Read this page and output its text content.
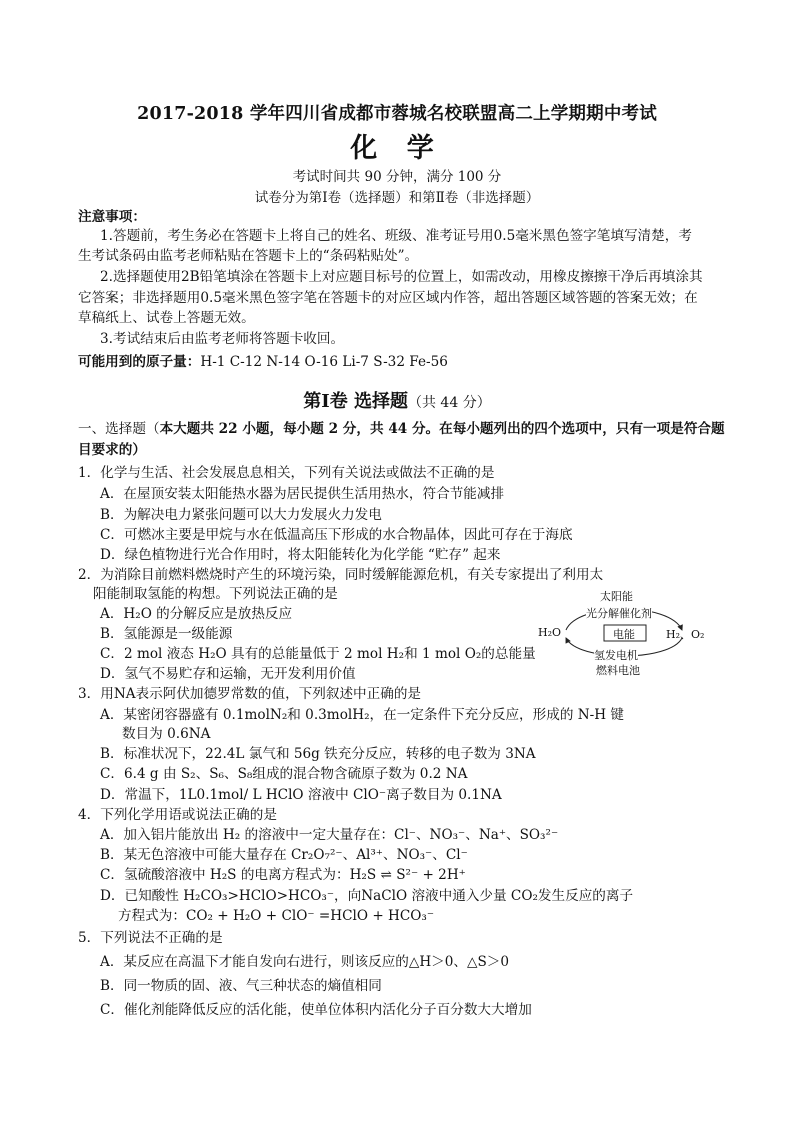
2017-2018 学年四川省成都市蓉城名校联盟高二上学期期中考试
化 学
考试时间共 90 分钟，满分 100 分
试卷分为第Ⅰ卷（选择题）和第Ⅱ卷（非选择题）
注意事项：
1.答题前，考生务必在答题卡上将自己的姓名、班级、准考证号用0.5毫米黑色签字笔填写清楚，考
生考试条码由监考老师粘贴在答题卡上的“条码粘贴处”。
2.选择题使用2B铅笔填涂在答题卡上对应题目标号的位置上，如需改动，用橡皮擦擦干净后再填涂其
它答案；非选择题用0.5毫米黑色签字笔在答题卡的对应区域内作答，超出答题区域答题的答案无效；在
草稿纸上、试卷上答题无效。
3.考试结束后由监考老师将答题卡收回。
可能用到的原子量：H-1 C-12 N-14 O-16 Li-7 S-32 Fe-56
第Ⅰ卷 选择题（共 44 分）
一、选择题（本大题共 22 小题，每小题 2 分，共 44 分。在每小题列出的四个选项中，只有一项是符合题
目要求的）
1．化学与生活、社会发展息息相关，下列有关说法或做法不正确的是
A．在屋顶安装太阳能热水器为居民提供生活用热水，符合节能减排
B．为解决电力紧张问题可以大力发展火力发电
C．可燃冰主要是甲烷与水在低温高压下形成的水合物晶体，因此可存在于海底
D．绿色植物进行光合作用时，将太阳能转化为化学能 “贮存” 起来
2．为消除目前燃料燃烧时产生的环境污染，同时缓解能源危机，有关专家提出了利用太
阳能制取氢能的构想。下列说法正确的是
A．H₂O 的分解反应是放热反应
B．氢能源是一级能源
C．2 mol 液态 H₂O 具有的总能量低于 2 mol H₂和 1 mol O₂的总能量
D．氢气不易贮存和运输，无开发利用价值
太阳能
光分解催化剂
H₂O	电能	H₂、O₂
氢发电机
燃料电池
3．用NA表示阿伏加德罗常数的值，下列叙述中正确的是
A．某密闭容器盛有 0.1molN₂和 0.3molH₂，在一定条件下充分反应，形成的 N-H 键
数目为 0.6NA
B．标准状况下，22.4L 氯气和 56g 铁充分反应，转移的电子数为 3NA
C．6.4 g 由 S₂、S₆、S₈组成的混合物含硫原子数为 0.2 NA
D．常温下，1L0.1mol/ L HClO 溶液中 ClO⁻离子数目为 0.1NA
4．下列化学用语或说法正确的是
A．加入铝片能放出 H₂ 的溶液中一定大量存在：Cl⁻、NO₃⁻、Na⁺、SO₃²⁻
B．某无色溶液中可能大量存在 Cr₂O₇²⁻、Al³⁺、NO₃⁻、Cl⁻
C．氢硫酸溶液中 H₂S 的电离方程式为：H₂S ⇌ S²⁻ + 2H⁺
D．已知酸性 H₂CO₃>HClO>HCO₃⁻，向NaClO 溶液中通入少量 CO₂发生反应的离子
方程式为：CO₂ + H₂O + ClO⁻ =HClO + HCO₃⁻
5．下列说法不正确的是
A．某反应在高温下才能自发向右进行，则该反应的△H＞0、△S＞0
B．同一物质的固、液、气三种状态的熵值相同
C．催化剂能降低反应的活化能，使单位体积内活化分子百分数大大增加
